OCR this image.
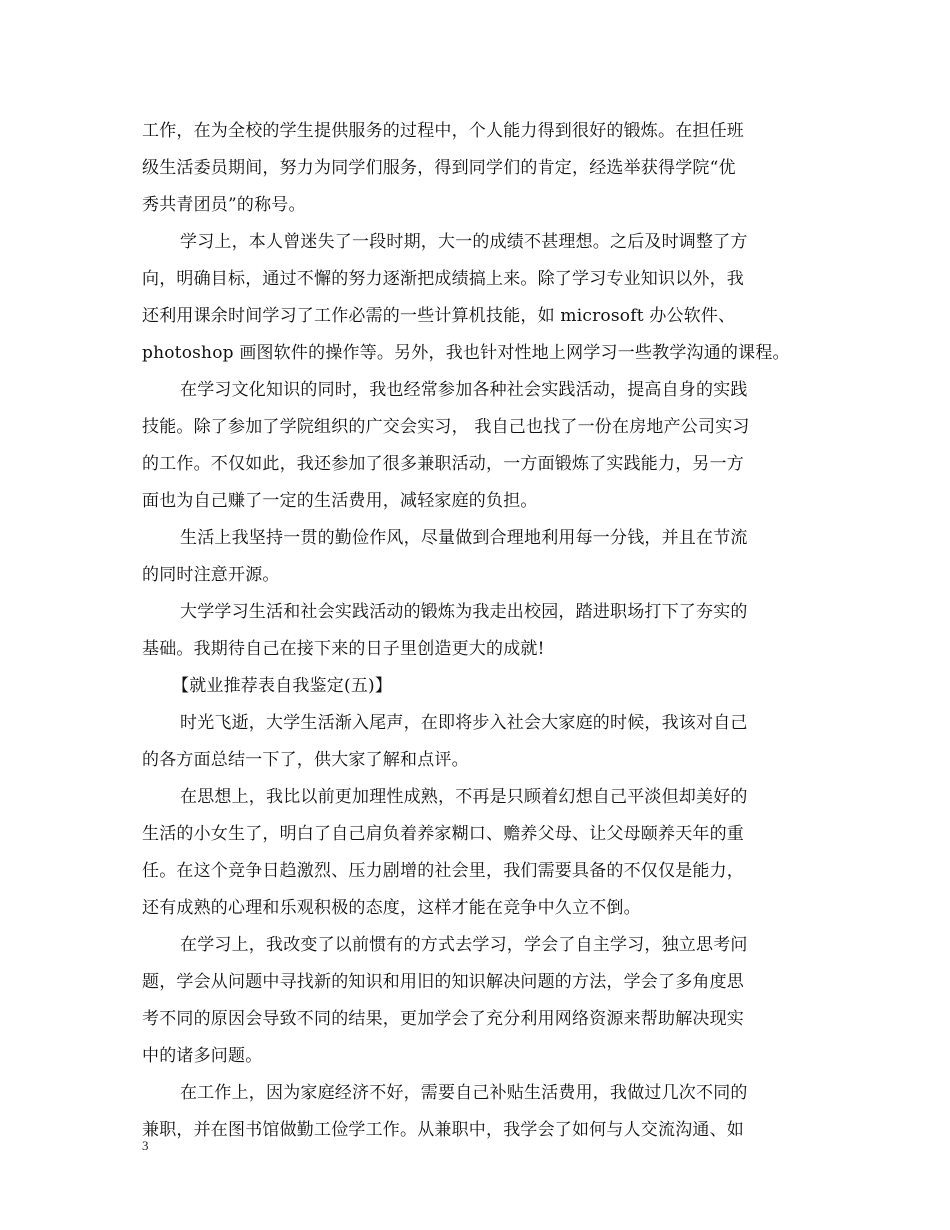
工作，在为全校的学生提供服务的过程中，个人能力得到很好的锻炼。在担任班
级生活委员期间，努力为同学们服务，得到同学们的肯定，经选举获得学院“优
秀共青团员”的称号。
学习上，本人曾迷失了一段时期，大一的成绩不甚理想。之后及时调整了方
向，明确目标，通过不懈的努力逐渐把成绩搞上来。除了学习专业知识以外，我
还利用课余时间学习了工作必需的一些计算机技能，如 microsoft 办公软件、
photoshop 画图软件的操作等。另外，我也针对性地上网学习一些教学沟通的课程。
在学习文化知识的同时，我也经常参加各种社会实践活动，提高自身的实践
技能。除了参加了学院组织的广交会实习， 我自己也找了一份在房地产公司实习
的工作。不仅如此，我还参加了很多兼职活动，一方面锻炼了实践能力，另一方
面也为自己赚了一定的生活费用，减轻家庭的负担。
生活上我坚持一贯的勤俭作风，尽量做到合理地利用每一分钱，并且在节流
的同时注意开源。
大学学习生活和社会实践活动的锻炼为我走出校园，踏进职场打下了夯实的
基础。我期待自己在接下来的日子里创造更大的成就!
【就业推荐表自我鉴定(五)】
时光飞逝，大学生活渐入尾声，在即将步入社会大家庭的时候，我该对自己
的各方面总结一下了，供大家了解和点评。
在思想上，我比以前更加理性成熟，不再是只顾着幻想自己平淡但却美好的
生活的小女生了，明白了自己肩负着养家糊口、赡养父母、让父母颐养天年的重
任。在这个竞争日趋激烈、压力剧增的社会里，我们需要具备的不仅仅是能力，
还有成熟的心理和乐观积极的态度，这样才能在竞争中久立不倒。
在学习上，我改变了以前惯有的方式去学习，学会了自主学习，独立思考问
题，学会从问题中寻找新的知识和用旧的知识解决问题的方法，学会了多角度思
考不同的原因会导致不同的结果，更加学会了充分利用网络资源来帮助解决现实
中的诸多问题。
在工作上，因为家庭经济不好，需要自己补贴生活费用，我做过几次不同的
兼职，并在图书馆做勤工俭学工作。从兼职中，我学会了如何与人交流沟通、如
3
